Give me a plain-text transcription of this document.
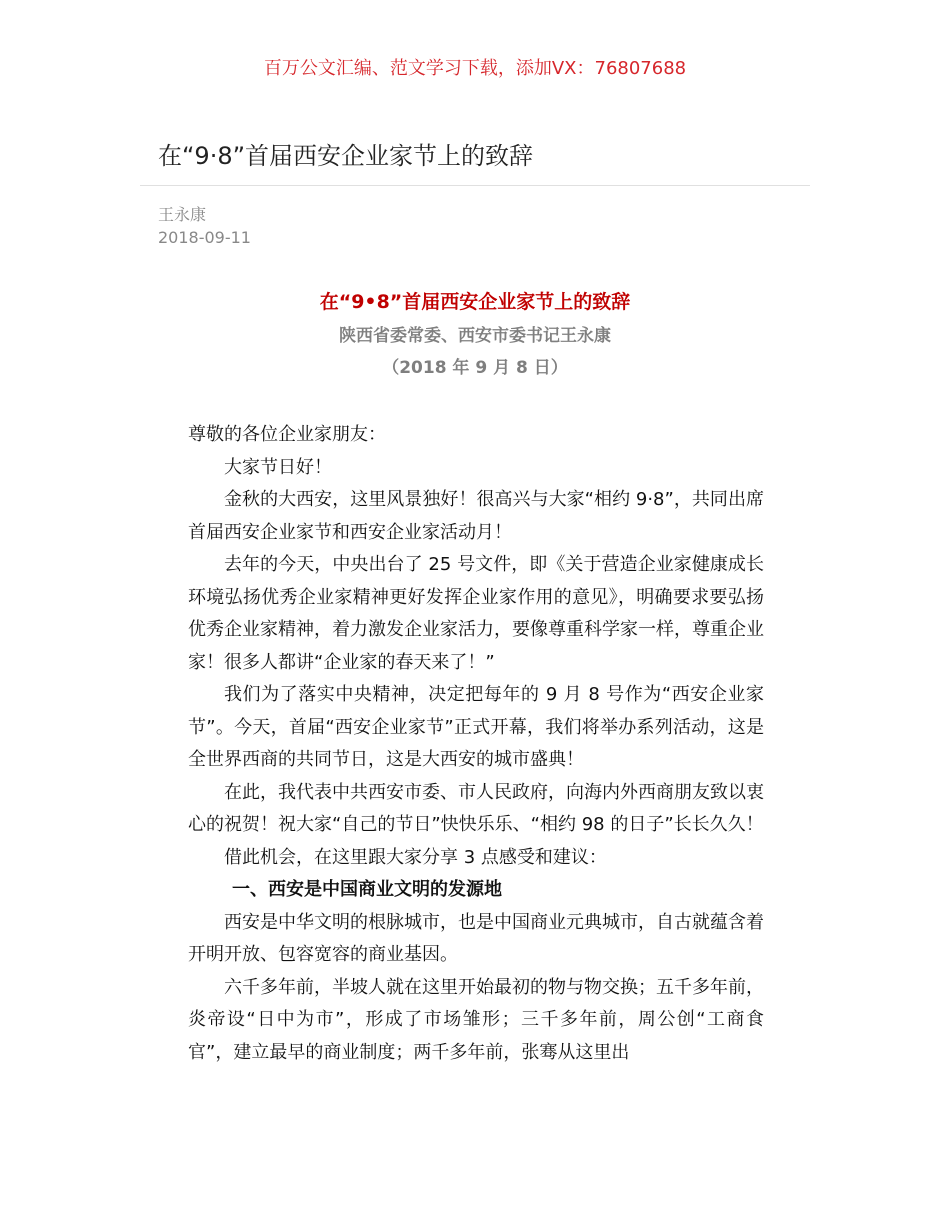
百万公文汇编、范文学习下载，添加VX：76807688
在“9·8”首届西安企业家节上的致辞
王永康
2018-09-11
在“9•8”首届西安企业家节上的致辞
陕西省委常委、西安市委书记王永康
（2018 年 9 月 8 日）

尊敬的各位企业家朋友：

大家节日好！

金秋的大西安，这里风景独好！很高兴与大家“相约 9·8”，共同出席首届西安企业家节和西安企业家活动月！

去年的今天，中央出台了 25 号文件，即《关于营造企业家健康成长环境弘扬优秀企业家精神更好发挥企业家作用的意见》，明确要求要弘扬优秀企业家精神，着力激发企业家活力，要像尊重科学家一样，尊重企业家！很多人都讲“企业家的春天来了！”

我们为了落实中央精神，决定把每年的 9 月 8 号作为“西安企业家节”。今天，首届“西安企业家节”正式开幕，我们将举办系列活动，这是全世界西商的共同节日，这是大西安的城市盛典！

在此，我代表中共西安市委、市人民政府，向海内外西商朋友致以衷心的祝贺！祝大家“自己的节日”快快乐乐、“相约 98 的日子”长长久久！

借此机会，在这里跟大家分享 3 点感受和建议：

一、西安是中国商业文明的发源地

西安是中华文明的根脉城市，也是中国商业元典城市，自古就蕴含着开明开放、包容宽容的商业基因。

六千多年前，半坡人就在这里开始最初的物与物交换；五千多年前，炎帝设“日中为市”，形成了市场雏形；三千多年前，周公创“工商食官”，建立最早的商业制度；两千多年前，张骞从这里出
